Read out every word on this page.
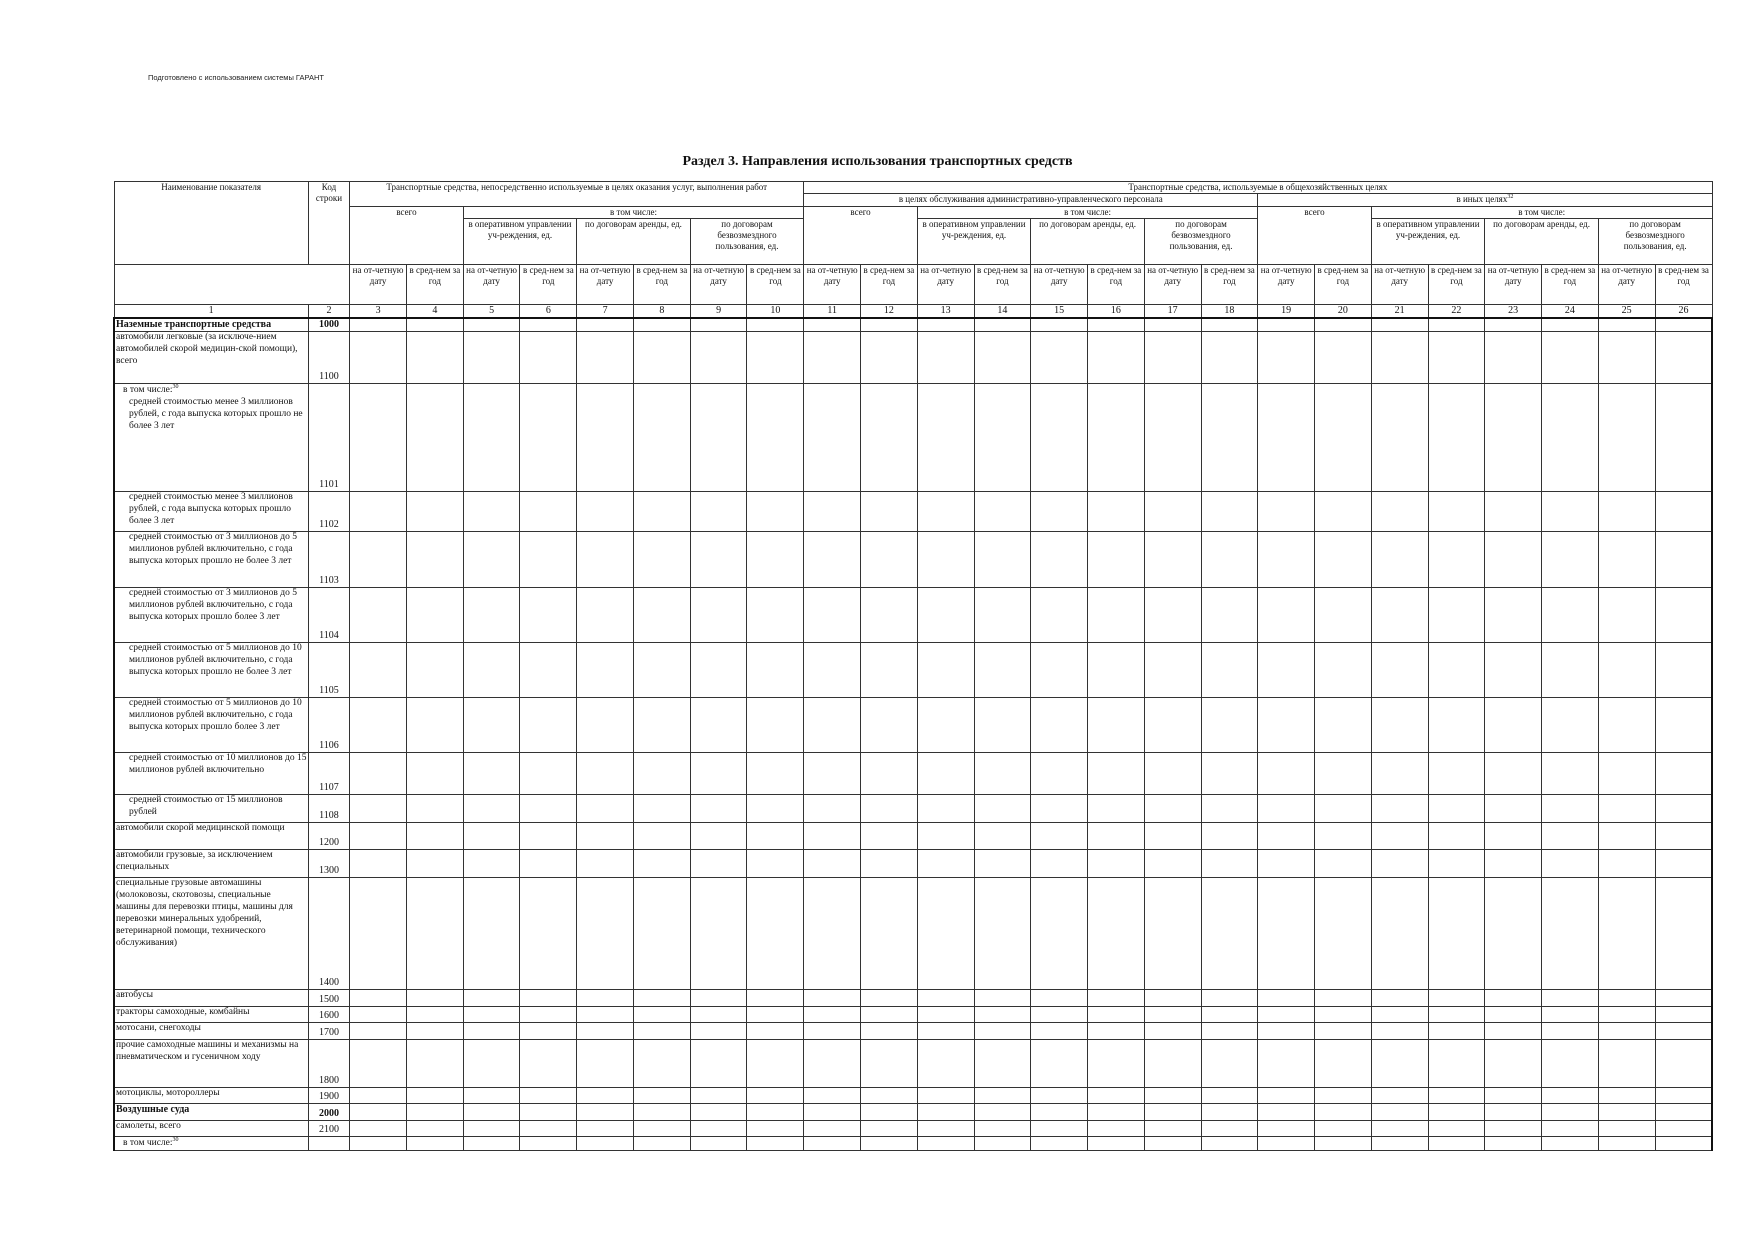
Подготовлено с использованием системы ГАРАНТ
Раздел 3. Направления использования транспортных средств
Наименование показателя	Код строки	Транспортные средства, непосредственно используемые в целях оказания услуг, выполнения работ								Транспортные средства, используемые в общехозяйственных целях															
										в целях обслуживания административно-управленческого персонала								в иных целях$^{32}$
		всего		в том числе:						всего		в том числе:						всего		в том числе:					
				в оперативном управлении уч-реждения, ед.		по договорам аренды, ед.		по договорам безвозмездного пользования, ед.				в оперативном управлении уч-реждения, ед.		по договорам аренды, ед.		по договорам безвозмездного пользования, ед.				в оперативном управлении уч-реждения, ед.		по договорам аренды, ед.		по договорам безвозмездного пользования, ед.	
		на от-четную дату	в сред-нем за год	на от-четную дату	в сред-нем за год	на от-четную дату	в сред-нем за год	на от-четную дату	в сред-нем за год	на от-четную дату	в сред-нем за год	на от-четную дату	в сред-нем за год	на от-четную дату	в сред-нем за год	на от-четную дату	в сред-нем за год	на от-четную дату	в сред-нем за год	на от-четную дату	в сред-нем за год	на от-четную дату	в сред-нем за год	на от-четную дату	в сред-нем за год
1	2	3	4	5	6	7	8	9	10	11	12	13	14	15	16	17	18	19	20	21	22	23	24	25	26
Наземные транспортные средства	1000																								
автомобили легковые (за исключе-нием автомобилей скорой медицин-ской помощи), всего	1100																								
в том числе:$^{30}$
средней стоимостью менее 3 миллионов рублей, с года выпуска которых прошло не более 3 лет	1101																								
средней стоимостью менее 3 миллионов рублей, с года выпуска которых прошло более 3 лет	1102																								
средней стоимостью от 3 миллионов до 5 миллионов рублей включительно, с года выпуска которых прошло не более 3 лет	1103																								
средней стоимостью от 3 миллионов до 5 миллионов рублей включительно, с года выпуска которых прошло более 3 лет	1104																								
средней стоимостью от 5 миллионов до 10 миллионов рублей включительно, с года выпуска которых прошло не более 3 лет	1105																								
средней стоимостью от 5 миллионов до 10 миллионов рублей включительно, с года выпуска которых прошло более 3 лет	1106																								
средней стоимостью от 10 миллионов до 15 миллионов рублей включительно	1107																								
средней стоимостью от 15 миллионов рублей	1108																								
автомобили скорой медицинской помощи	1200																								
автомобили грузовые, за исключением специальных	1300																								
специальные грузовые автомашины (молоковозы, скотовозы, специальные машины для перевозки птицы, машины для перевозки минеральных удобрений, ветеринарной помощи, технического обслуживания)	1400																								
автобусы	1500																								
тракторы самоходные, комбайны	1600																								
мотосани, снегоходы	1700																								
прочие самоходные машины и механизмы на пневматическом и гусеничном ходу	1800																								
мотоциклы, мотороллеры	1900																								
Воздушные суда	2000																								
самолеты, всего	2100																								
в том числе:$^{30}$																									
